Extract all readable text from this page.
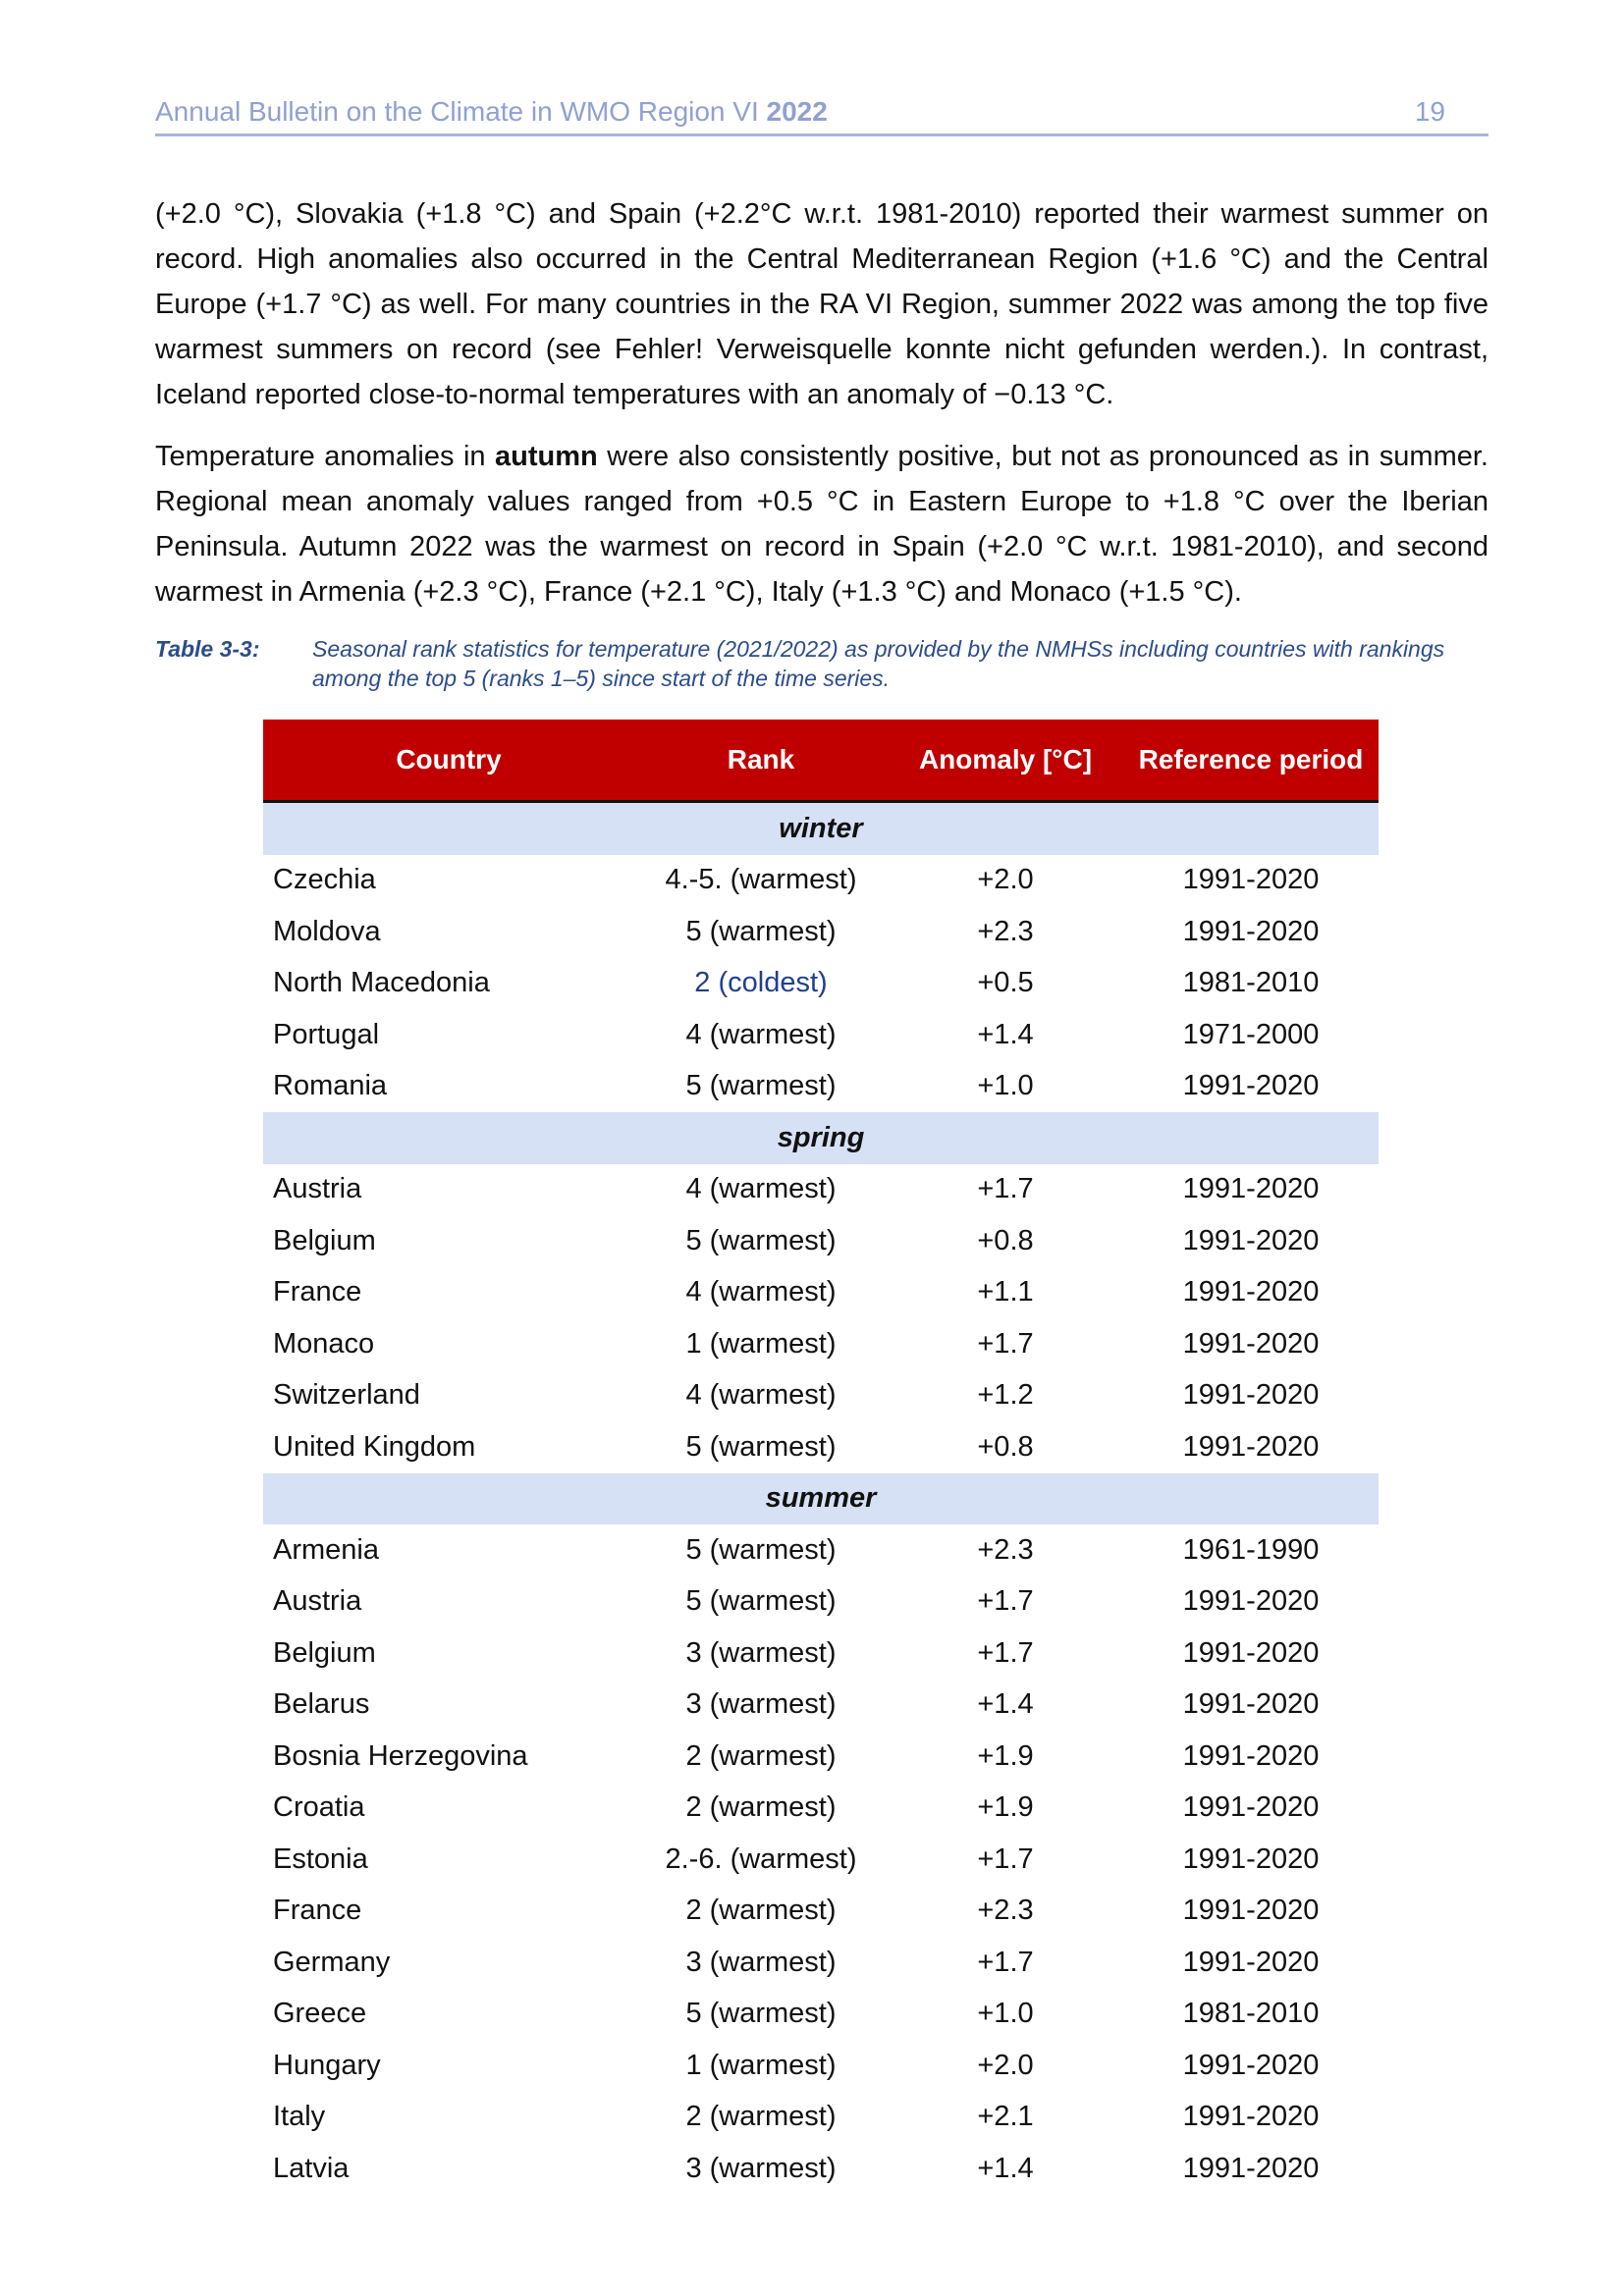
Annual Bulletin on the Climate in WMO Region VI 2022	19

(+2.0 °C), Slovakia (+1.8 °C) and Spain (+2.2°C w.r.t. 1981-2010) reported their warmest summer on record. High anomalies also occurred in the Central Mediterranean Region (+1.6 °C) and the Central Europe (+1.7 °C) as well. For many countries in the RA VI Region, summer 2022 was among the top five warmest summers on record (see Fehler! Verweisquelle konnte nicht gefunden werden.). In contrast, Iceland reported close-to-normal temperatures with an anomaly of −0.13 °C.

Temperature anomalies in autumn were also consistently positive, but not as pronounced as in summer. Regional mean anomaly values ranged from +0.5 °C in Eastern Europe to +1.8 °C over the Iberian Peninsula. Autumn 2022 was the warmest on record in Spain (+2.0 °C w.r.t. 1981-2010), and second warmest in Armenia (+2.3 °C), France (+2.1 °C), Italy (+1.3 °C) and Monaco (+1.5 °C).

Table 3-3: Seasonal rank statistics for temperature (2021/2022) as provided by the NMHSs including countries with rankings among the top 5 (ranks 1–5) since start of the time series.
Country	Rank	Anomaly [°C]	Reference period
winter			
Czechia	4.-5. (warmest)	+2.0	1991-2020
Moldova	5 (warmest)	+2.3	1991-2020
North Macedonia	2 (coldest)	+0.5	1981-2010
Portugal	4 (warmest)	+1.4	1971-2000
Romania	5 (warmest)	+1.0	1991-2020
spring			
Austria	4 (warmest)	+1.7	1991-2020
Belgium	5 (warmest)	+0.8	1991-2020
France	4 (warmest)	+1.1	1991-2020
Monaco	1 (warmest)	+1.7	1991-2020
Switzerland	4 (warmest)	+1.2	1991-2020
United Kingdom	5 (warmest)	+0.8	1991-2020
summer			
Armenia	5 (warmest)	+2.3	1961-1990
Austria	5 (warmest)	+1.7	1991-2020
Belgium	3 (warmest)	+1.7	1991-2020
Belarus	3 (warmest)	+1.4	1991-2020
Bosnia Herzegovina	2 (warmest)	+1.9	1991-2020
Croatia	2 (warmest)	+1.9	1991-2020
Estonia	2.-6. (warmest)	+1.7	1991-2020
France	2 (warmest)	+2.3	1991-2020
Germany	3 (warmest)	+1.7	1991-2020
Greece	5 (warmest)	+1.0	1981-2010
Hungary	1 (warmest)	+2.0	1991-2020
Italy	2 (warmest)	+2.1	1991-2020
Latvia	3 (warmest)	+1.4	1991-2020
